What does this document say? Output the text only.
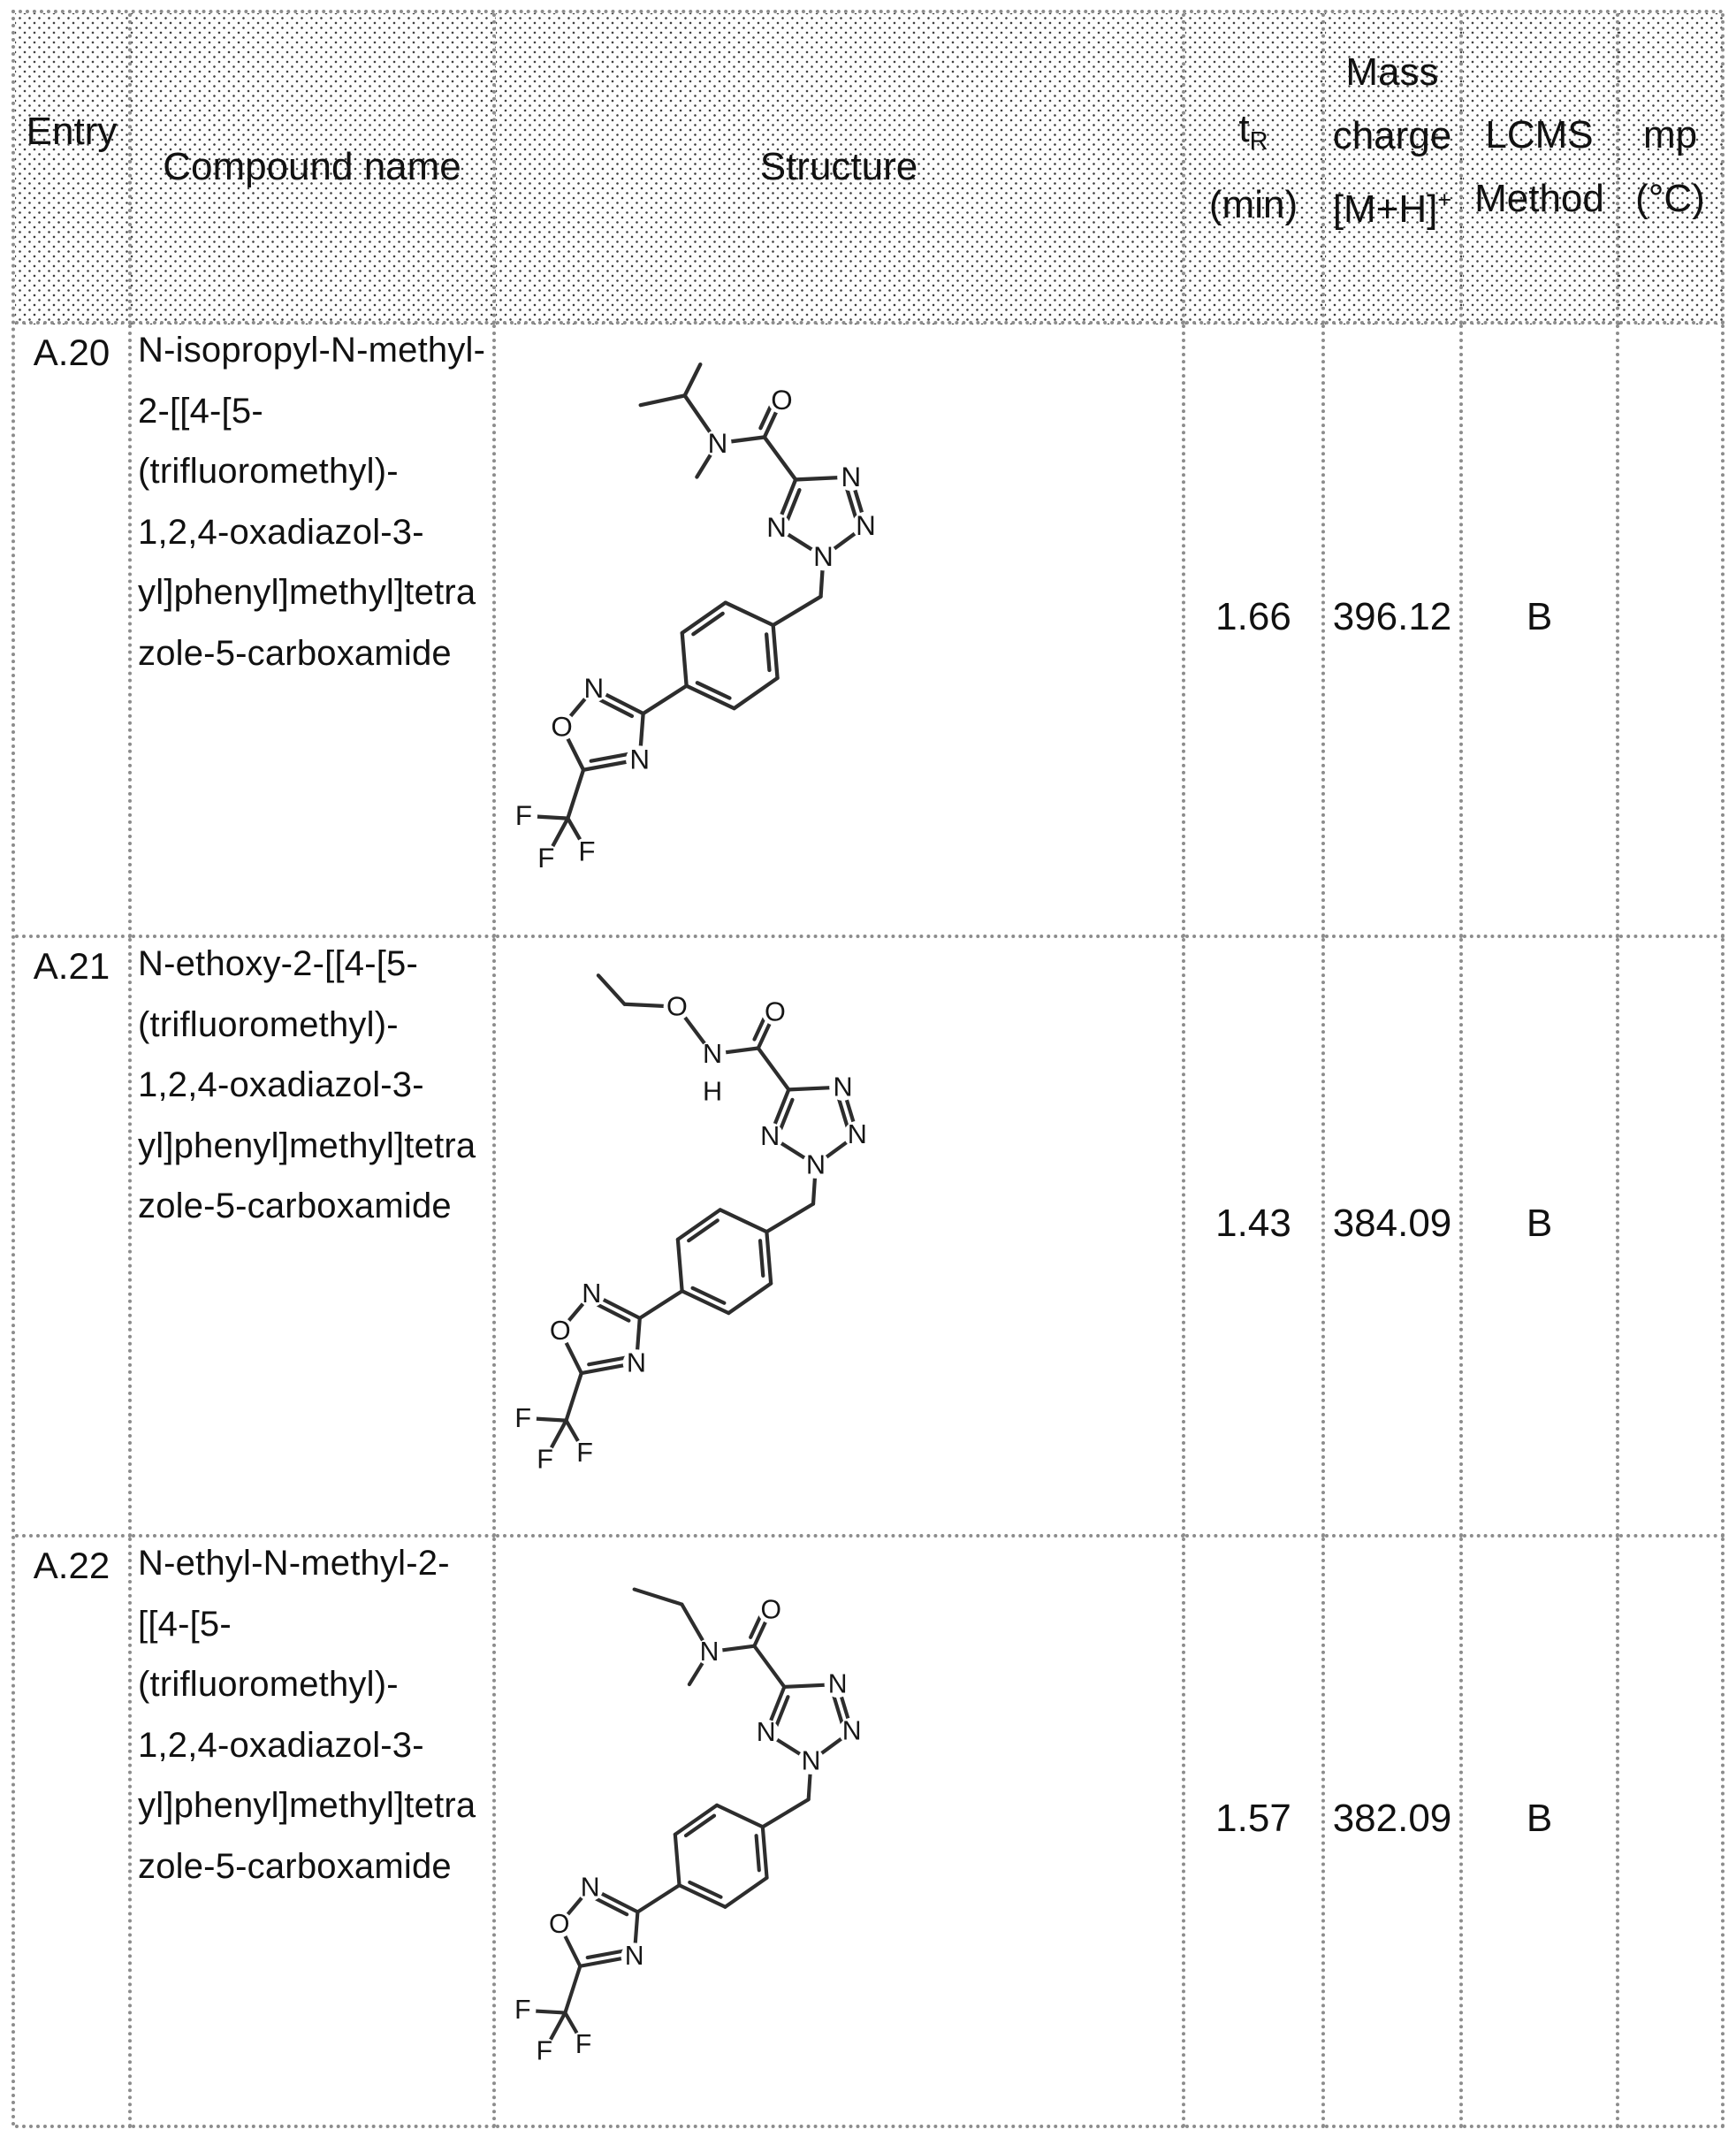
Entry
Compound name	Structure
$t_R$
(min)
Mass
charge
[M+H]+
LCMS
Method
mp
(°C)
A.20 N-isopropyl-N-methyl-
2-[[4-[5-
(trifluoromethyl)-
1,2,4-oxadiazol-3-
yl]phenyl]methyl]tetra
zole-5-carboxamide
N
N
N
N
O
N
O
N
F
F F
N
1.66 396.12 B
A.21 N-ethoxy-2-[[4-[5-
(trifluoromethyl)-
1,2,4-oxadiazol-3-
yl]phenyl]methyl]tetra
zole-5-carboxamide
N
N
N
N
O
N
O
N
F
F F
N
H
O
1.43 384.09 B
A.22 N-ethyl-N-methyl-2-
[[4-[5-
(trifluoromethyl)-
1,2,4-oxadiazol-3-
yl]phenyl]methyl]tetra
zole-5-carboxamide
N
N
N
N
O
N
O
N
F
F F
N
1.57 382.09 B
